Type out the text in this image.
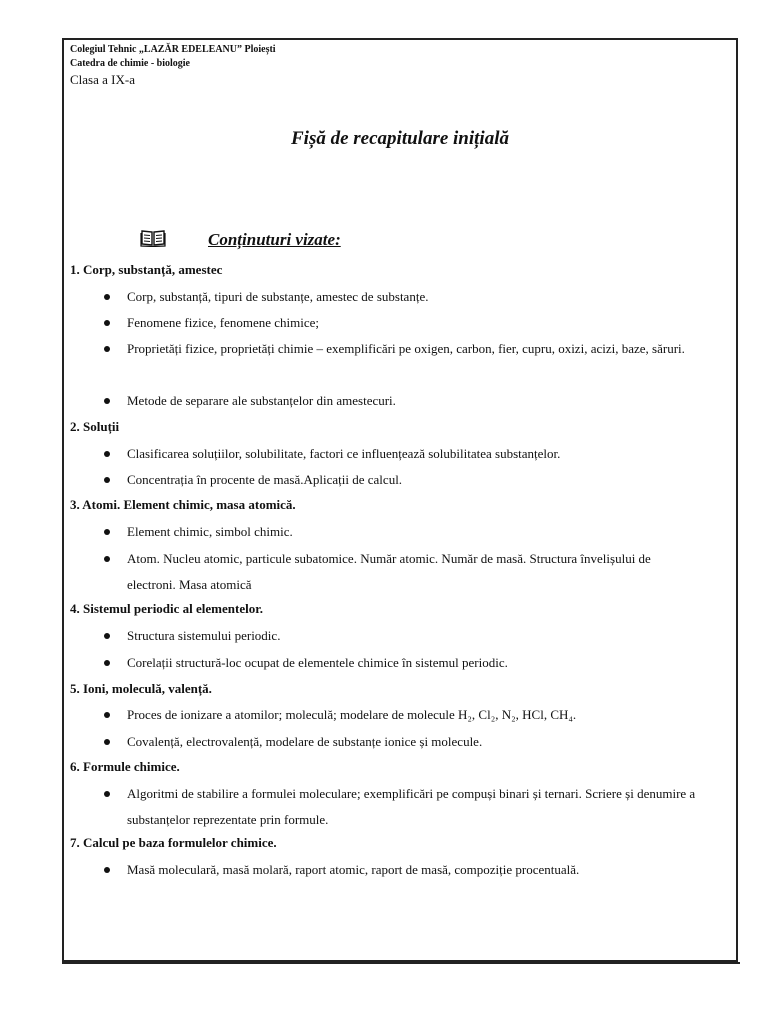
Colegiul Tehnic „LAZĂR EDELEANU” Ploiești
Catedra de chimie - biologie
Clasa a IX-a
Fișă de recapitulare inițială
Conținuturi vizate:
1. Corp, substanță, amestec
Corp, substanță, tipuri de substanțe, amestec de substanțe.
Fenomene fizice, fenomene chimice;
Proprietăți fizice, proprietăți chimie – exemplificări pe oxigen, carbon, fier, cupru, oxizi, acizi, baze, săruri.
Metode de separare ale substanțelor din amestecuri.
2. Soluții
Clasificarea soluțiilor, solubilitate, factori ce influențează solubilitatea substanțelor.
Concentrația în procente de masă.Aplicații de calcul.
3. Atomi. Element chimic, masa atomică.
Element chimic, simbol chimic.
Atom. Nucleu atomic, particule subatomice. Număr atomic. Număr de masă. Structura învelișului de electroni. Masa atomică
4. Sistemul periodic al elementelor.
Structura sistemului periodic.
Corelații structură-loc ocupat de elementele chimice în sistemul periodic.
5. Ioni, moleculă, valență.
Proces de ionizare a atomilor; moleculă; modelare de molecule H₂, Cl₂, N₂, HCl, CH₄.
Covalență, electrovalență, modelare de substanțe ionice și molecule.
6. Formule chimice.
Algoritmi de stabilire a formulei moleculare; exemplificări pe compuși binari și ternari. Scriere și denumire a substanțelor reprezentate prin formule.
7. Calcul pe baza formulelor chimice.
Masă moleculară, masă molară, raport atomic, raport de masă, compoziție procentuală.
